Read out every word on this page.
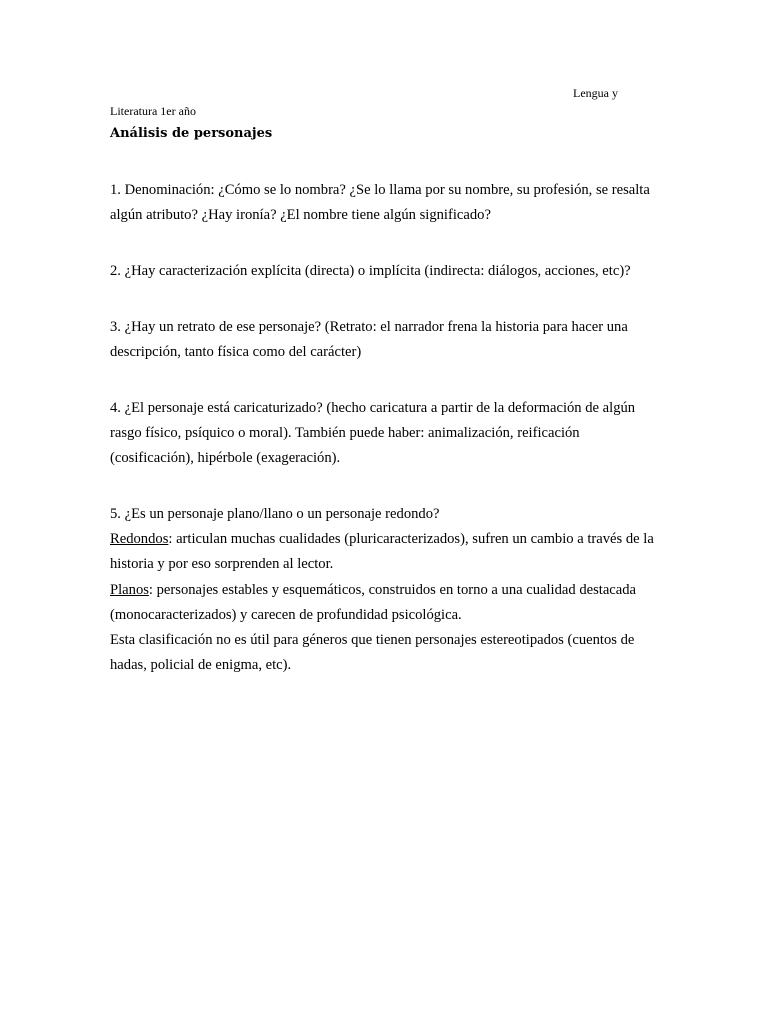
Lengua y
Literatura 1er año
Análisis de personajes

1. Denominación: ¿Cómo se lo nombra? ¿Se lo llama por su nombre, su profesión, se resalta algún atributo? ¿Hay ironía? ¿El nombre tiene algún significado?

2. ¿Hay caracterización explícita (directa) o implícita (indirecta: diálogos, acciones, etc)?

3. ¿Hay un retrato de ese personaje? (Retrato: el narrador frena la historia para hacer una descripción, tanto física como del carácter)

4. ¿El personaje está caricaturizado? (hecho caricatura a partir de la deformación de algún rasgo físico, psíquico o moral). También puede haber: animalización, reificación (cosificación), hipérbole (exageración).

5. ¿Es un personaje plano/llano o un personaje redondo?

Redondos: articulan muchas cualidades (pluricaracterizados), sufren un cambio a través de la historia y por eso sorprenden al lector.

Planos: personajes estables y esquemáticos, construidos en torno a una cualidad destacada (monocaracterizados) y carecen de profundidad psicológica.

Esta clasificación no es útil para géneros que tienen personajes estereotipados (cuentos de hadas, policial de enigma, etc).
